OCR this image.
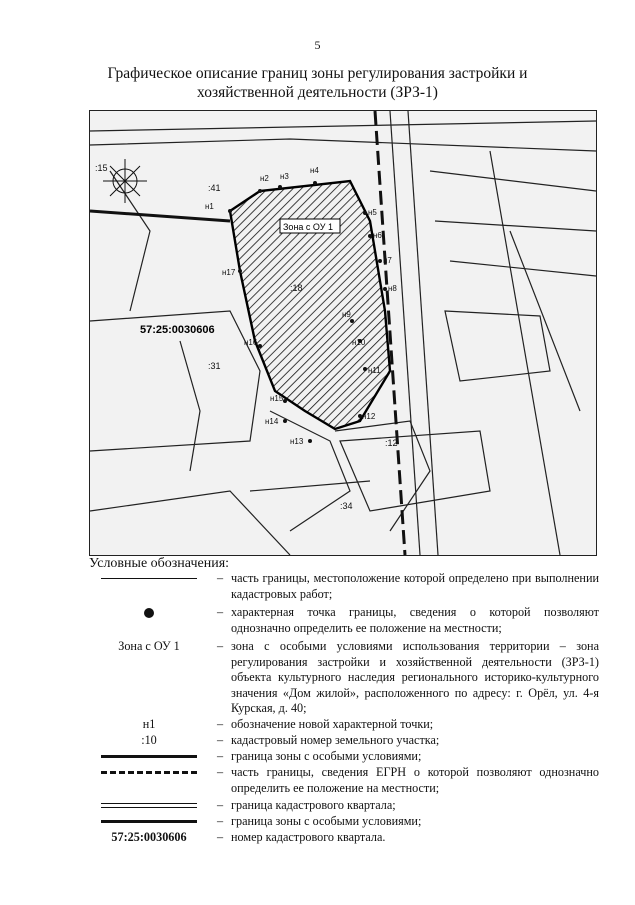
5
Графическое описание границ зоны регулирования застройки и хозяйственной деятельности (ЗРЗ-1)
Зона с ОУ 1
57:25:0030606
н1
н2 н3
н4
н5
н6
н7
н8
н9
н10
н11
н12
н13
н14
н15
н16
н17
:41
:31
:12
:34
:15
:18
Условные обозначения:
– часть границы, местоположение которой определено при выполнении кадастровых работ;
– характерная точка границы, сведения о которой позволяют однозначно определить ее положение на местности;
Зона с ОУ 1	– зона с особыми условиями использования территории – зона регулирования застройки и хозяйственной деятельности (ЗРЗ-1) объекта культурного наследия регионального историко-культурного значения «Дом жилой», расположенного по адресу: г. Орёл, ул. 4-я Курская, д. 40;
н1	– обозначение новой характерной точки;
:10	– кадастровый номер земельного участка;
– граница зоны с особыми условиями;
– часть границы, сведения ЕГРН о которой позволяют однозначно определить ее положение на местности;
– граница кадастрового квартала;
– граница зоны с особыми условиями;
57:25:0030606	– номер кадастрового квартала.
